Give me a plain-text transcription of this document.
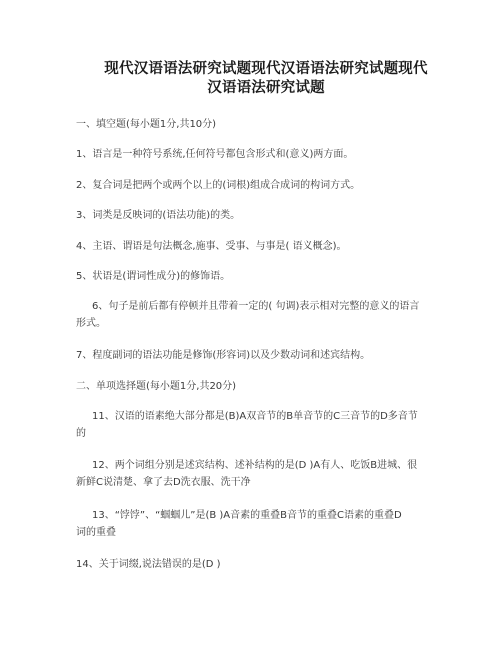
现代汉语语法研究试题现代汉语语法研究试题现代
汉语语法研究试题
一、填空题(每小题1分,共10分)
1、语言是一种符号系统,任何符号都包含形式和(意义)两方面。
2、复合词是把两个或两个以上的(词根)组成合成词的构词方式。
3、词类是反映词的(语法功能)的类。
4、主语、谓语是句法概念,施事、受事、与事是( 语义概念)。
5、状语是(谓词性成分)的修饰语。
6、句子是前后都有停顿并且带着一定的( 句调)表示相对完整的意义的语言
形式。
7、程度副词的语法功能是修饰(形容词)以及少数动词和述宾结构。
二、单项选择题(每小题1分,共20分)
11、汉语的语素绝大部分都是(B)A双音节的B单音节的C三音节的D多音节
的
12、两个词组分别是述宾结构、述补结构的是(D )A有人、吃饭B进城、很
新鲜C说清楚、拿了去D洗衣服、洗干净
13、“饽饽”、“蝈蝈儿”是(B )A音素的重叠B音节的重叠C语素的重叠D
词的重叠
14、关于词缀,说法错误的是(D )
